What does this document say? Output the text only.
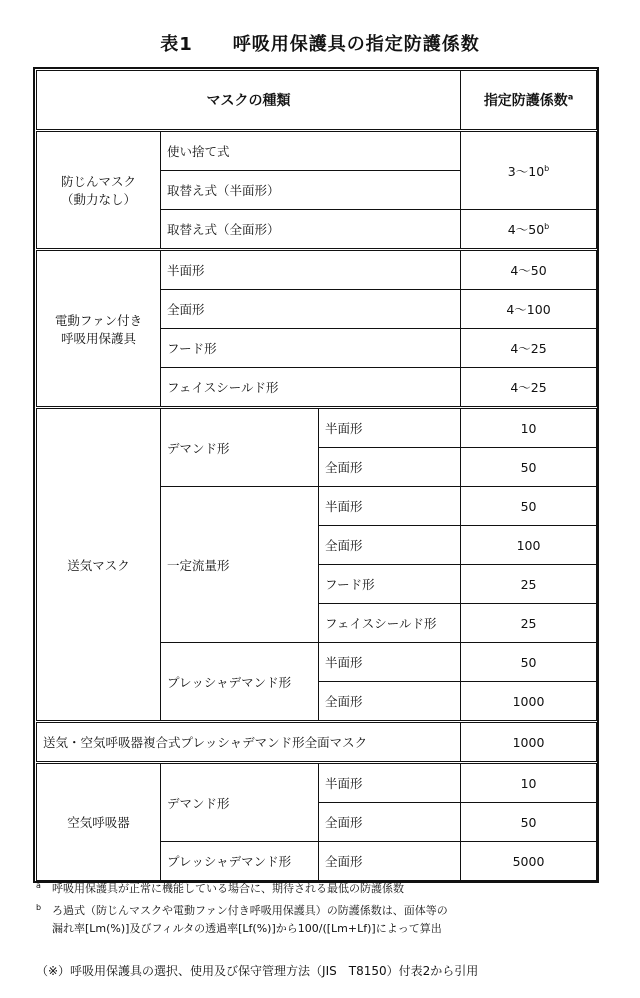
表1 呼吸用保護具の指定防護係数
マスクの種類			指定防護係数$^a$
防じんマスク
（動力なし）	使い捨て式		3～10$^b$
	取替え式（半面形）		
	取替え式（全面形）		4～50$^b$
電動ファン付き
呼吸用保護具	半面形		4～50
	全面形		4～100
	フード形		4～25
	フェイスシールド形		4～25
送気マスク	デマンド形	半面形	10
		全面形	50
	一定流量形	半面形	50
		全面形	100
		フード形	25
		フェイスシールド形	25
	プレッシャデマンド形	半面形	50
		全面形	1000
送気・空気呼吸器複合式プレッシャデマンド形全面マスク			1000
空気呼吸器	デマンド形	半面形	10
		全面形	50
	プレッシャデマンド形	全面形	5000
a 呼吸用保護具が正常に機能している場合に、期待される最低の防護係数
b ろ過式（防じんマスクや電動ファン付き呼吸用保護具）の防護係数は、面体等の
漏れ率[Lm(%)]及びフィルタの透過率[Lf(%)]から100/([Lm+Lf)]によって算出
（※）呼吸用保護具の選択、使用及び保守管理方法（JIS　T8150）付表2から引用
